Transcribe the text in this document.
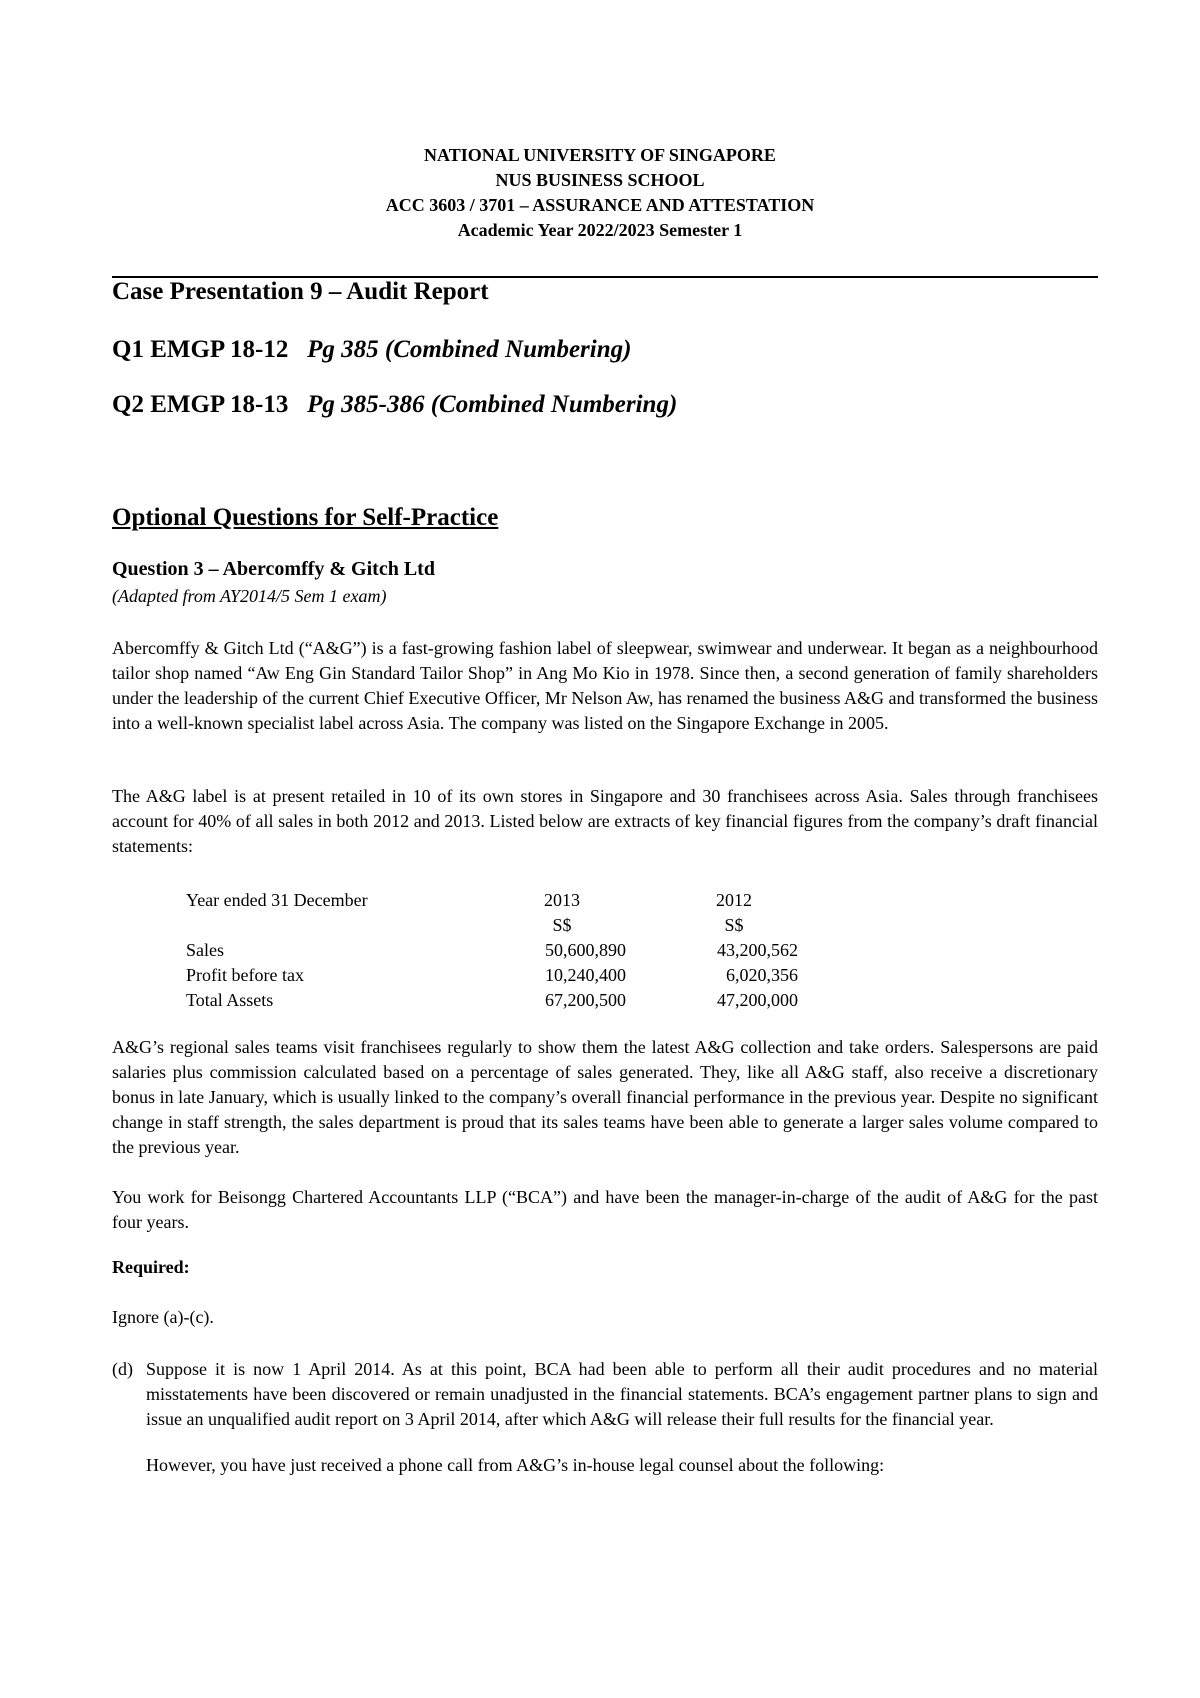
NATIONAL UNIVERSITY OF SINGAPORE
NUS BUSINESS SCHOOL
ACC 3603 / 3701 – ASSURANCE AND ATTESTATION
Academic Year 2022/2023 Semester 1
Case Presentation 9 – Audit Report
Q1 EMGP 18-12 Pg 385 (Combined Numbering)
Q2 EMGP 18-13 Pg 385-386 (Combined Numbering)
Optional Questions for Self-Practice
Question 3 – Abercomffy & Gitch Ltd
(Adapted from AY2014/5 Sem 1 exam)
Abercomffy & Gitch Ltd (“A&G”) is a fast-growing fashion label of sleepwear, swimwear and underwear. It began as a neighbourhood tailor shop named “Aw Eng Gin Standard Tailor Shop” in Ang Mo Kio in 1978. Since then, a second generation of family shareholders under the leadership of the current Chief Executive Officer, Mr Nelson Aw, has renamed the business A&G and transformed the business into a well-known specialist label across Asia. The company was listed on the Singapore Exchange in 2005.
The A&G label is at present retailed in 10 of its own stores in Singapore and 30 franchisees across Asia. Sales through franchisees account for 40% of all sales in both 2012 and 2013. Listed below are extracts of key financial figures from the company’s draft financial statements:
Year ended 31 December	2013	2012
	S$	S$
Sales	50,600,890	43,200,562
Profit before tax	10,240,400	6,020,356
Total Assets	67,200,500	47,200,000
A&G’s regional sales teams visit franchisees regularly to show them the latest A&G collection and take orders. Salespersons are paid salaries plus commission calculated based on a percentage of sales generated. They, like all A&G staff, also receive a discretionary bonus in late January, which is usually linked to the company’s overall financial performance in the previous year. Despite no significant change in staff strength, the sales department is proud that its sales teams have been able to generate a larger sales volume compared to the previous year.
You work for Beisongg Chartered Accountants LLP (“BCA”) and have been the manager-in-charge of the audit of A&G for the past four years.
Required:
Ignore (a)-(c).
(d) Suppose it is now 1 April 2014. As at this point, BCA had been able to perform all their audit procedures and no material misstatements have been discovered or remain unadjusted in the financial statements. BCA’s engagement partner plans to sign and issue an unqualified audit report on 3 April 2014, after which A&G will release their full results for the financial year.
However, you have just received a phone call from A&G’s in-house legal counsel about the following:
